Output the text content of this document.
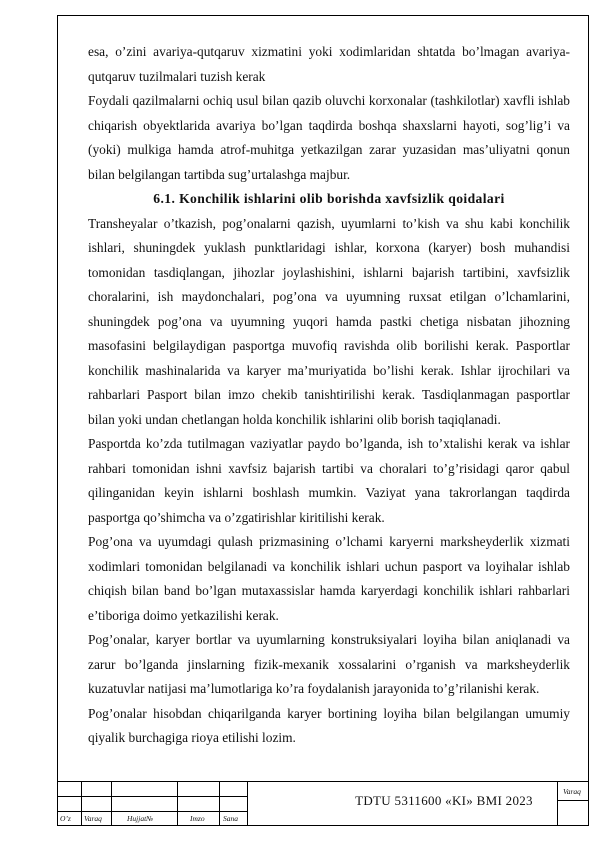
esa, o’zini avariya-qutqaruv xizmatini yoki xodimlaridan shtatda bo’lmagan avariya-qutqaruv tuzilmalari tuzish kerak

Foydali qazilmalarni ochiq usul bilan qazib oluvchi korxonalar (tashkilotlar) xavfli ishlab chiqarish obyektlarida avariya bo’lgan taqdirda boshqa shaxslarni hayoti, sog’lig’i va (yoki) mulkiga hamda atrof-muhitga yetkazilgan zarar yuzasidan mas’uliyatni qonun bilan belgilangan tartibda sug’urtalashga majbur.

6.1. Konchilik ishlarini olib borishda xavfsizlik qoidalari

Transheyalar o’tkazish, pog’onalarni qazish, uyumlarni to’kish va shu kabi konchilik ishlari, shuningdek yuklash punktlaridagi ishlar, korxona (karyer) bosh muhandisi tomonidan tasdiqlangan, jihozlar joylashishini, ishlarni bajarish tartibini, xavfsizlik choralarini, ish maydonchalari, pog’ona va uyumning ruxsat etilgan o’lchamlarini, shuningdek pog’ona va uyumning yuqori hamda pastki chetiga nisbatan jihozning masofasini belgilaydigan pasportga muvofiq ravishda olib borilishi kerak. Pasportlar konchilik mashinalarida va karyer ma’muriyatida bo’lishi kerak. Ishlar ijrochilari va rahbarlari Pasport bilan imzo chekib tanishtirilishi kerak. Tasdiqlanmagan pasportlar bilan yoki undan chetlangan holda konchilik ishlarini olib borish taqiqlanadi.

Pasportda ko’zda tutilmagan vaziyatlar paydo bo’lganda, ish to’xtalishi kerak va ishlar rahbari tomonidan ishni xavfsiz bajarish tartibi va choralari to’g’risidagi qaror qabul qilinganidan keyin ishlarni boshlash mumkin. Vaziyat yana takrorlangan taqdirda pasportga qo’shimcha va o’zgatirishlar kiritilishi kerak.

Pog’ona va uyumdagi qulash prizmasining o’lchami karyerni marksheyderlik xizmati xodimlari tomonidan belgilanadi va konchilik ishlari uchun pasport va loyihalar ishlab chiqish bilan band bo’lgan mutaxassislar hamda karyerdagi konchilik ishlari rahbarlari e’tiboriga doimo yetkazilishi kerak.

Pog’onalar, karyer bortlar va uyumlarning konstruksiyalari loyiha bilan aniqlanadi va zarur bo’lganda jinslarning fizik-mexanik xossalarini o’rganish va marksheyderlik kuzatuvlar natijasi ma’lumotlariga ko’ra foydalanish jarayonida to’g’rilanishi kerak.

Pog’onalar hisobdan chiqarilganda karyer bortining loyiha bilan belgilangan umumiy qiyalik burchagiga rioya etilishi lozim.

O’z Varaq	Hujjat№	Imzo Sana
Varaq
TDTU 5311600 «KI» BMI 2023
